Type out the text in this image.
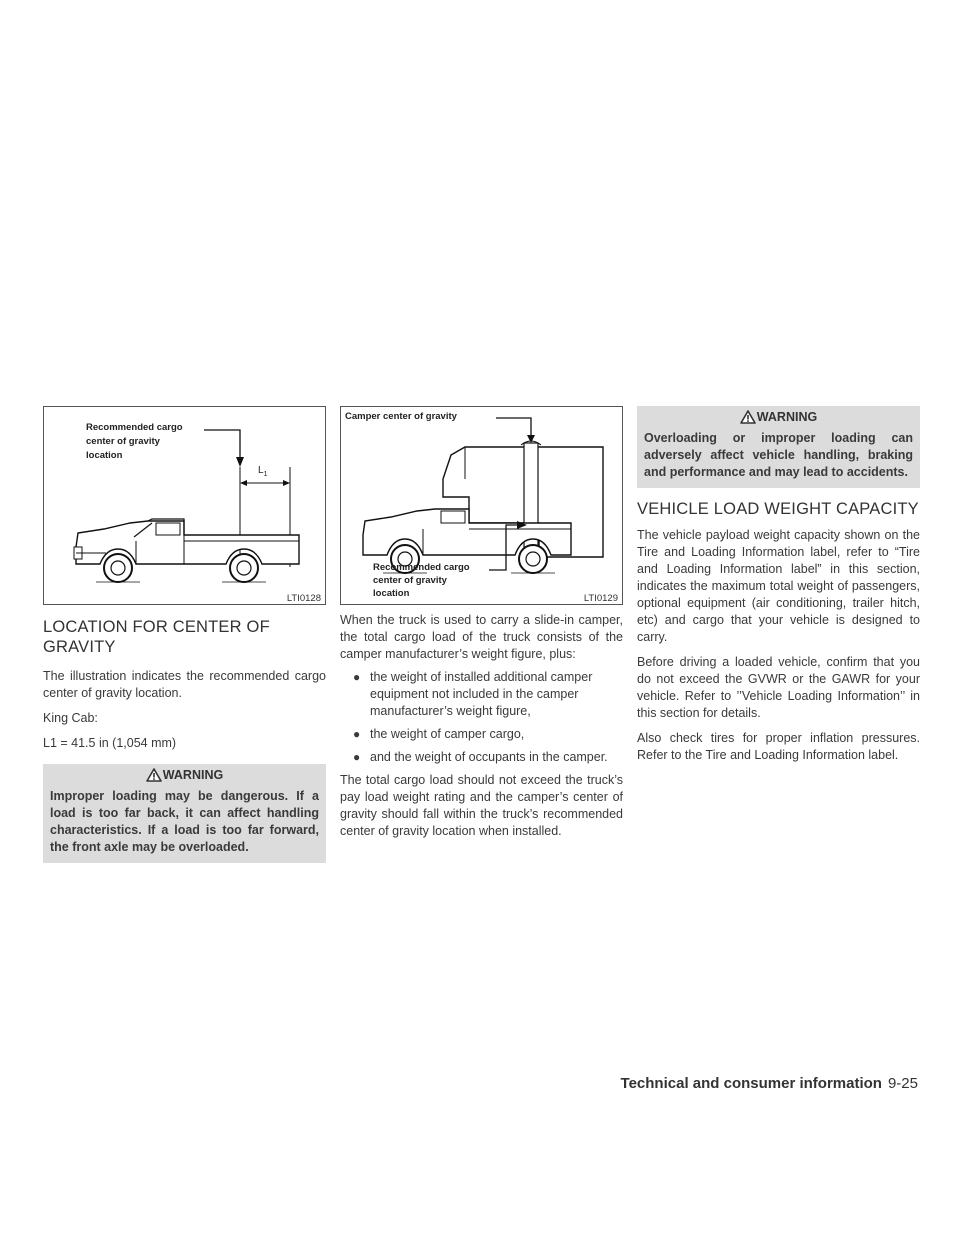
Recommended cargo
center of gravity
location
$L_1$
LTI0128
LOCATION FOR CENTER OF GRAVITY

The illustration indicates the recommended cargo center of gravity location.

King Cab:

L1 = 41.5 in (1,054 mm)

WARNING
Improper loading may be dangerous. If a load is too far back, it can affect handling characteristics. If a load is too far forward, the front axle may be overloaded.
Camper center of gravity
Recommended cargo
center of gravity
location	LTI0129

When the truck is used to carry a slide-in camper, the total cargo load of the truck consists of the camper manufacturer’s weight figure, plus:

● the weight of installed additional camper equipment not included in the camper manufacturer’s weight figure,
● the weight of camper cargo,
● and the weight of occupants in the camper.

The total cargo load should not exceed the truck’s pay load weight rating and the camper’s center of gravity should fall within the truck’s recommended center of gravity location when installed.

WARNING
Overloading or improper loading can adversely affect vehicle handling, braking and performance and may lead to accidents.
VEHICLE LOAD WEIGHT CAPACITY

The vehicle payload weight capacity shown on the Tire and Loading Information label, refer to “Tire and Loading Information label” in this section, indicates the maximum total weight of passengers, optional equipment (air conditioning, trailer hitch, etc) and cargo that your vehicle is designed to carry.

Before driving a loaded vehicle, confirm that you do not exceed the GVWR or the GAWR for your vehicle. Refer to ’’Vehicle Loading Information’’ in this section for details.

Also check tires for proper inflation pressures. Refer to the Tire and Loading Information label.

Technical and consumer information 9-25
